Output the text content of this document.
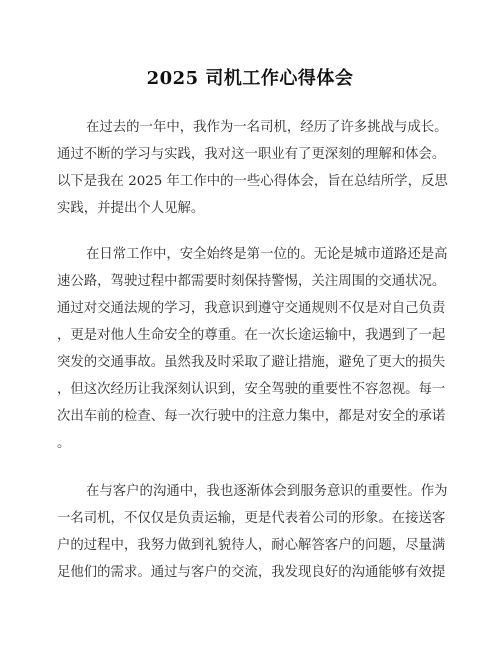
2025 司机工作心得体会
在过去的一年中，我作为一名司机，经历了许多挑战与成长。
通过不断的学习与实践，我对这一职业有了更深刻的理解和体会。
以下是我在 2025 年工作中的一些心得体会，旨在总结所学，反思
实践，并提出个人见解。
在日常工作中，安全始终是第一位的。无论是城市道路还是高
速公路，驾驶过程中都需要时刻保持警惕，关注周围的交通状况。
通过对交通法规的学习，我意识到遵守交通规则不仅是对自己负责
，更是对他人生命安全的尊重。在一次长途运输中，我遇到了一起
突发的交通事故。虽然我及时采取了避让措施，避免了更大的损失
，但这次经历让我深刻认识到，安全驾驶的重要性不容忽视。每一
次出车前的检查、每一次行驶中的注意力集中，都是对安全的承诺
。
在与客户的沟通中，我也逐渐体会到服务意识的重要性。作为
一名司机，不仅仅是负责运输，更是代表着公司的形象。在接送客
户的过程中，我努力做到礼貌待人，耐心解答客户的问题，尽量满
足他们的需求。通过与客户的交流，我发现良好的沟通能够有效提
